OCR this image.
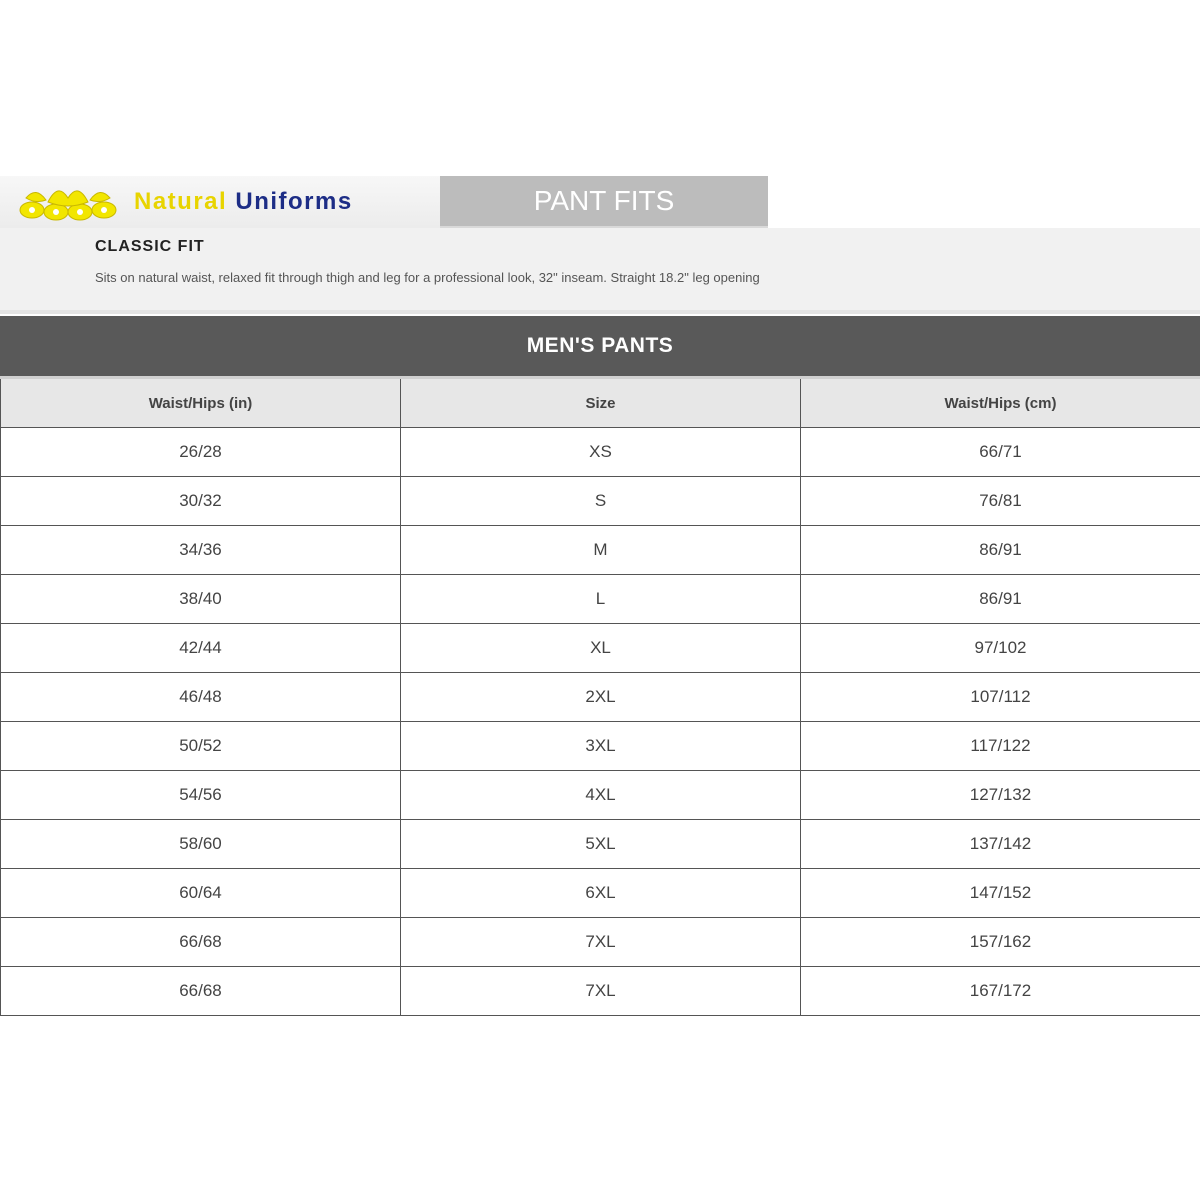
Natural Uniforms	PANT FITS
CLASSIC FIT
Sits on natural waist, relaxed fit through thigh and leg for a professional look, 32" inseam. Straight 18.2" leg opening
MEN'S PANTS
Waist/Hips (in)	Size	Waist/Hips (cm)
26/28	XS	66/71
30/32	S	76/81
34/36	M	86/91
38/40	L	86/91
42/44	XL	97/102
46/48	2XL	107/112
50/52	3XL	117/122
54/56	4XL	127/132
58/60	5XL	137/142
60/64	6XL	147/152
66/68	7XL	157/162
66/68	7XL	167/172
